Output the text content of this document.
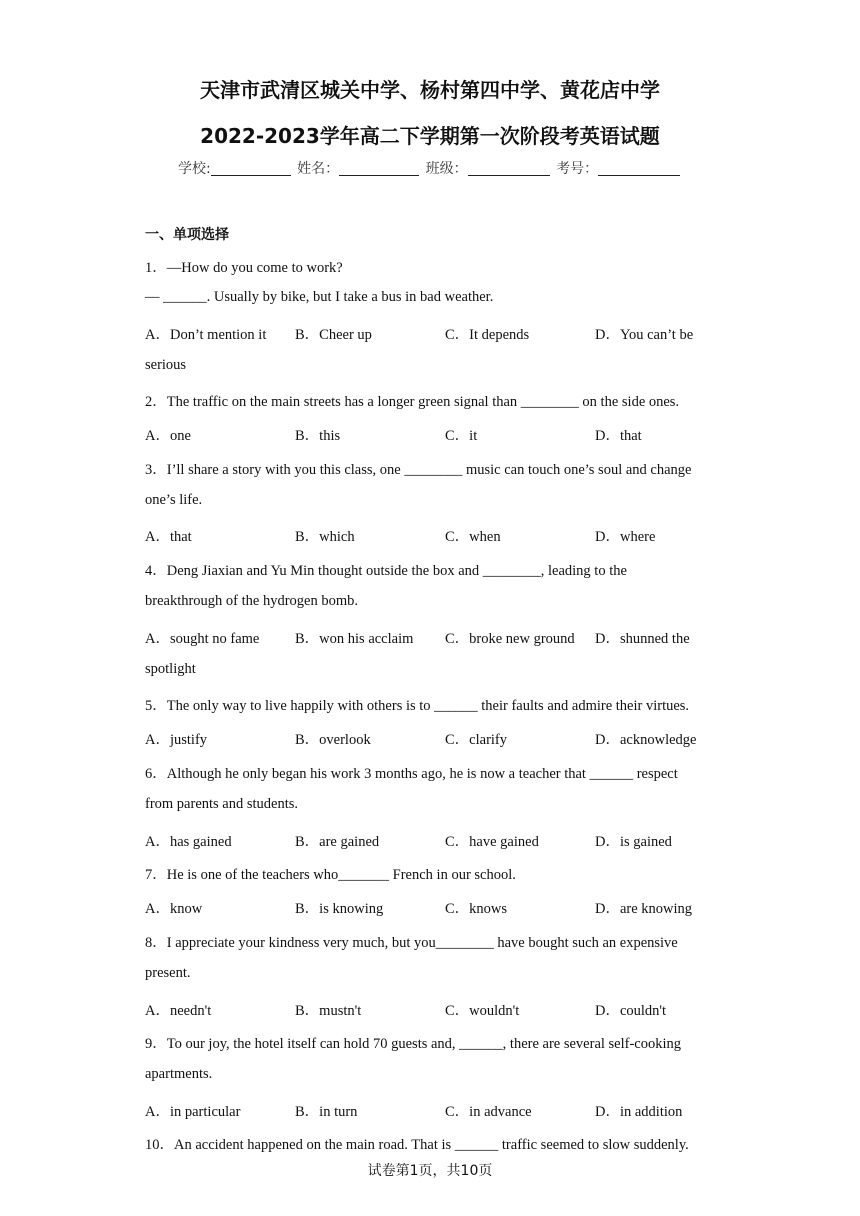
天津市武清区城关中学、杨村第四中学、黄花店中学
2022-2023学年高二下学期第一次阶段考英语试题
学校:	姓名：	班级：	考号：
一、单项选择
1．—How do you come to work?
— ______. Usually by bike, but I take a bus in bad weather.
A．Don’t mention it B．Cheer up	C．It depends	D．You can’t be
serious
2．The traffic on the main streets has a longer green signal than ________ on the side ones.
A．one	B．this	C．it	D．that
3．I’ll share a story with you this class, one ________ music can touch one’s soul and change
one’s life.
A．that	B．which	C．when	D．where
4．Deng Jiaxian and Yu Min thought outside the box and ________, leading to the
breakthrough of the hydrogen bomb.
A．sought no fame B．won his acclaim C．broke new ground D．shunned the
spotlight
5．The only way to live happily with others is to ______ their faults and admire their virtues.
A．justify	B．overlook	C．clarify	D．acknowledge
6．Although he only began his work 3 months ago, he is now a teacher that ______ respect
from parents and students.
A．has gained	B．are gained	C．have gained	D．is gained
7．He is one of the teachers who_______ French in our school.
A．know	B．is knowing	C．knows	D．are knowing
8．I appreciate your kindness very much, but you________ have bought such an expensive
present.
A．needn't	B．mustn't	C．wouldn't	D．couldn't
9．To our joy, the hotel itself can hold 70 guests and, ______, there are several self-cooking
apartments.
A．in particular	B．in turn	C．in advance	D．in addition
10．An accident happened on the main road. That is ______ traffic seemed to slow suddenly.
试卷第1页，共10页
